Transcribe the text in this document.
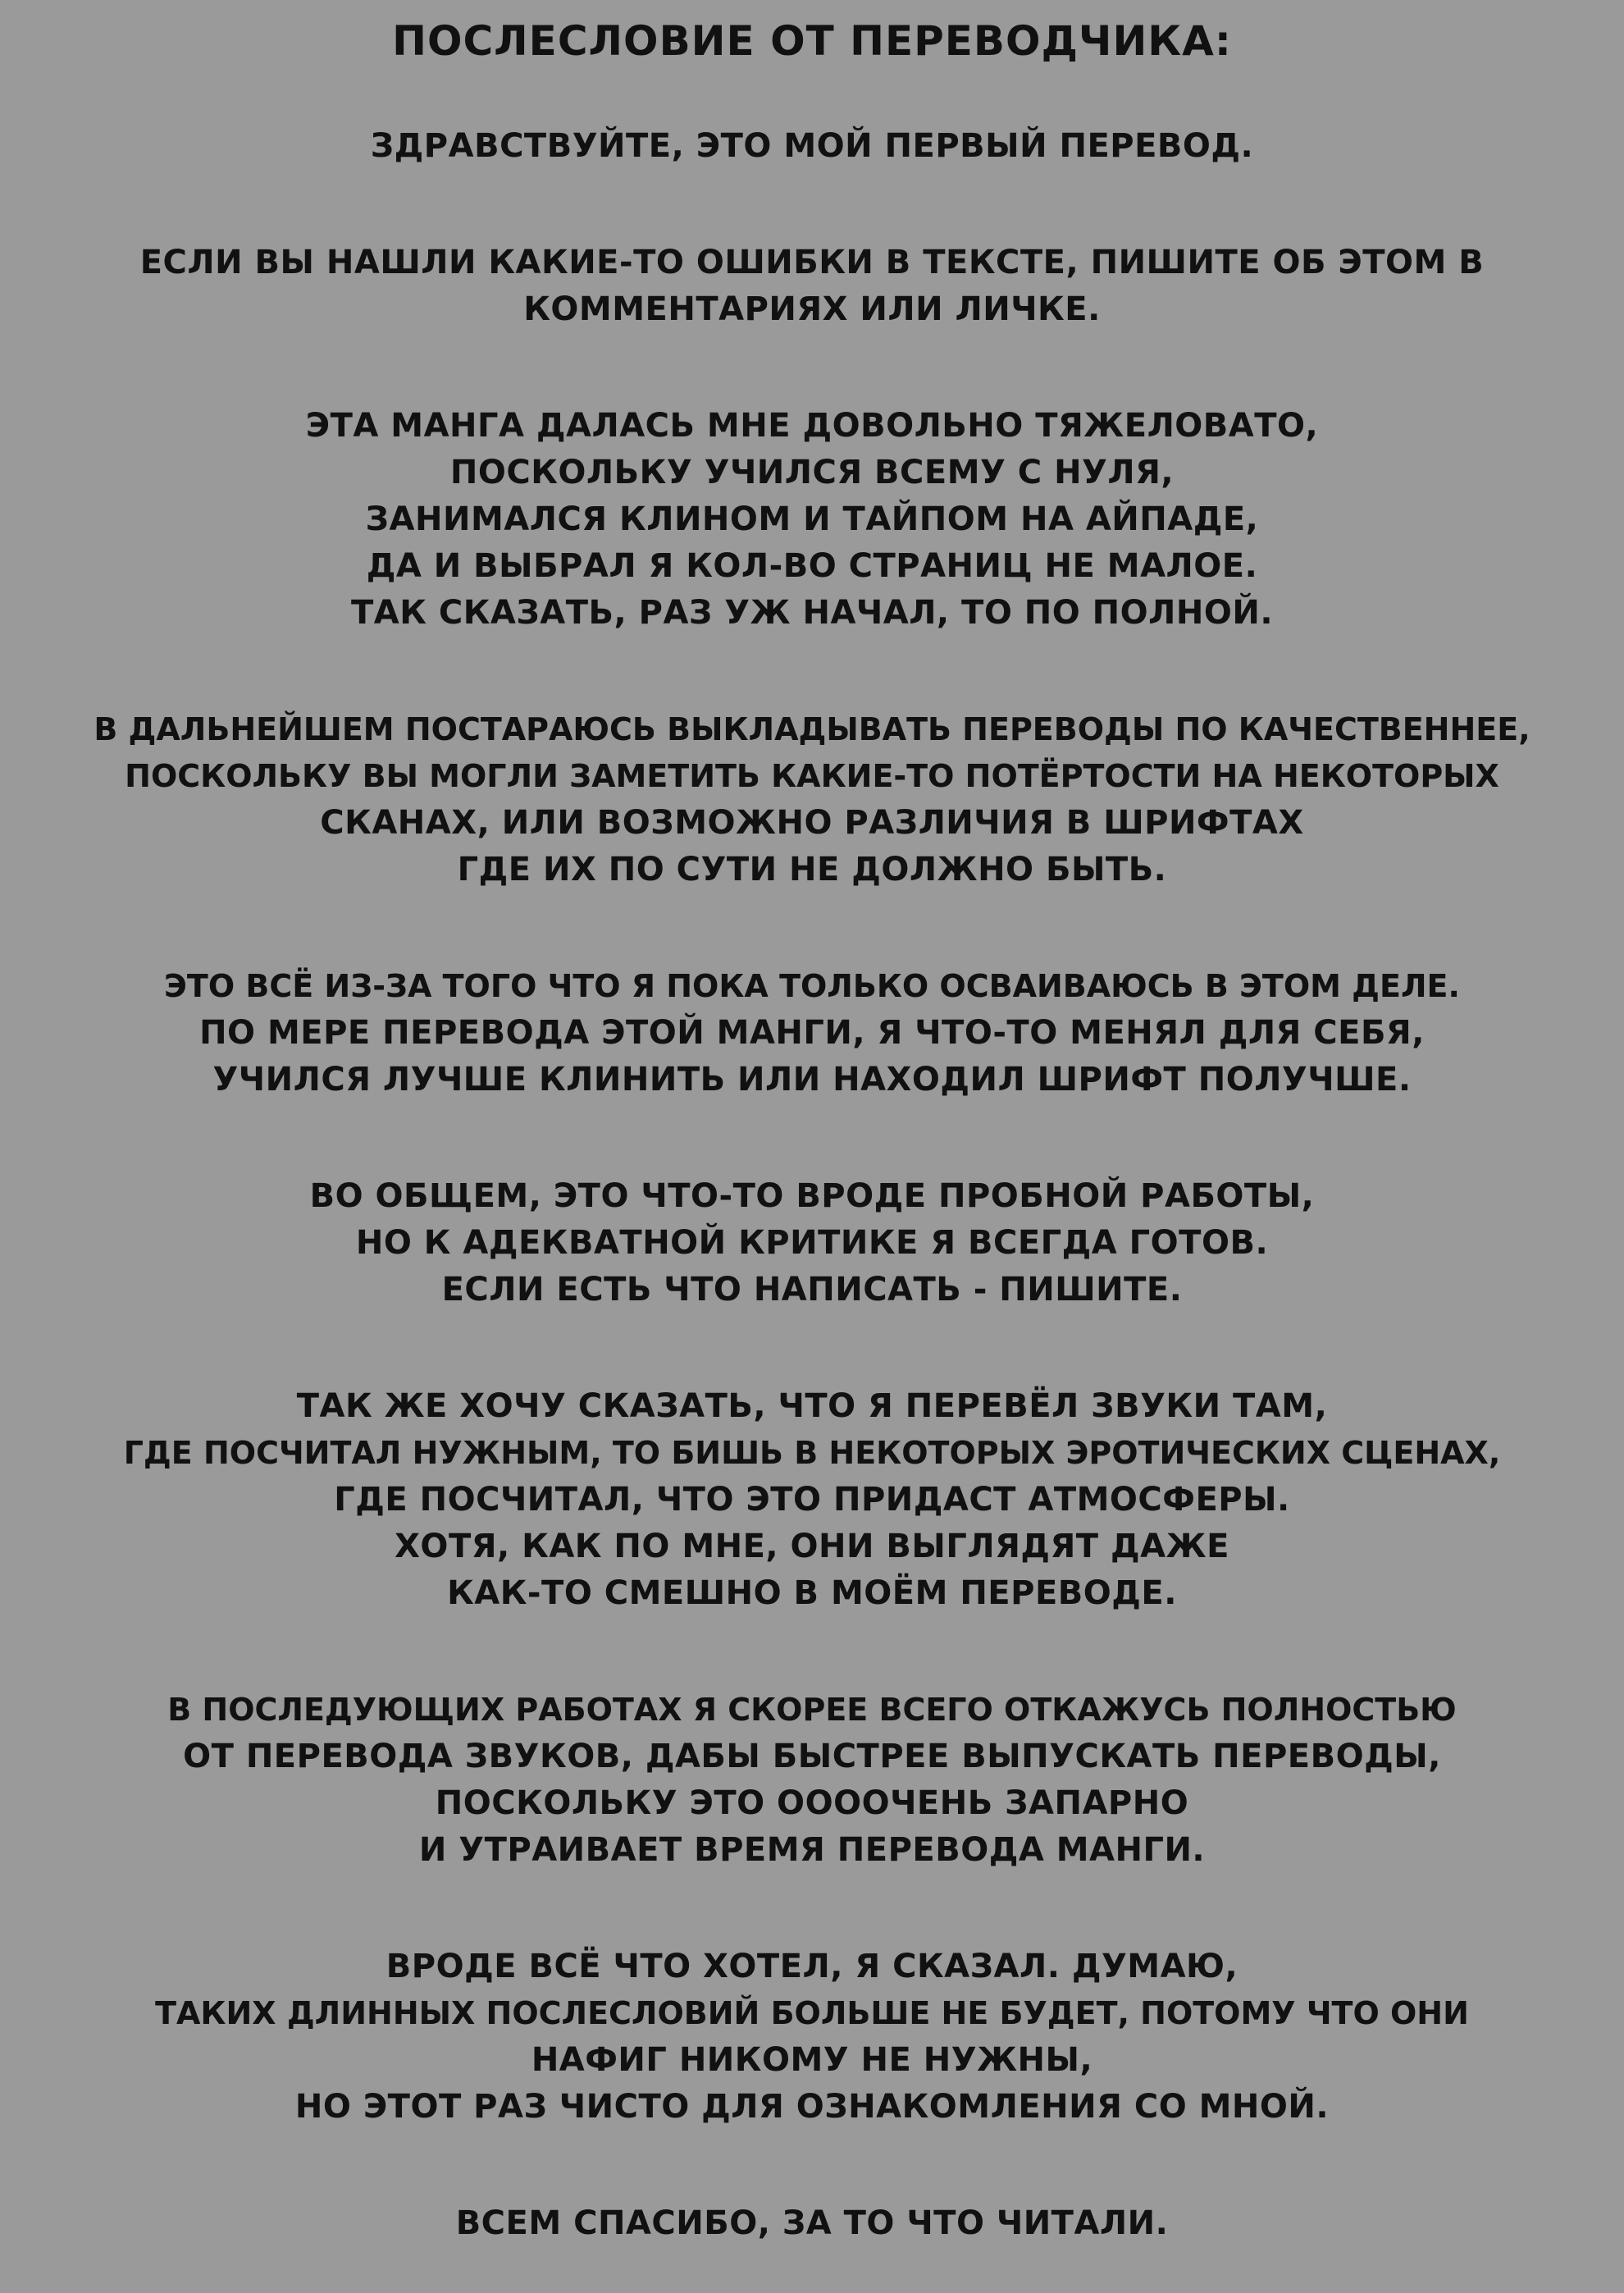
ПОСЛЕСЛОВИЕ ОТ ПЕРЕВОДЧИКА:
ЗДРАВСТВУЙТЕ, ЭТО МОЙ ПЕРВЫЙ ПЕРЕВОД.
ЕСЛИ ВЫ НАШЛИ КАКИЕ-ТО ОШИБКИ В ТЕКСТЕ, ПИШИТЕ ОБ ЭТОМ В
КОММЕНТАРИЯХ ИЛИ ЛИЧКЕ.
ЭТА МАНГА ДАЛАСЬ МНЕ ДОВОЛЬНО ТЯЖЕЛОВАТО,
ПОСКОЛЬКУ УЧИЛСЯ ВСЕМУ С НУЛЯ,
ЗАНИМАЛСЯ КЛИНОМ И ТАЙПОМ НА АЙПАДЕ,
ДА И ВЫБРАЛ Я КОЛ-ВО СТРАНИЦ НЕ МАЛОЕ.
ТАК СКАЗАТЬ, РАЗ УЖ НАЧАЛ, ТО ПО ПОЛНОЙ.
В ДАЛЬНЕЙШЕМ ПОСТАРАЮСЬ ВЫКЛАДЫВАТЬ ПЕРЕВОДЫ ПО КАЧЕСТВЕННЕЕ,
ПОСКОЛЬКУ ВЫ МОГЛИ ЗАМЕТИТЬ КАКИЕ-ТО ПОТЁРТОСТИ НА НЕКОТОРЫХ
СКАНАХ, ИЛИ ВОЗМОЖНО РАЗЛИЧИЯ В ШРИФТАХ
ГДЕ ИХ ПО СУТИ НЕ ДОЛЖНО БЫТЬ.
ЭТО ВСЁ ИЗ-ЗА ТОГО ЧТО Я ПОКА ТОЛЬКО ОСВАИВАЮСЬ В ЭТОМ ДЕЛЕ.
ПО МЕРЕ ПЕРЕВОДА ЭТОЙ МАНГИ, Я ЧТО-ТО МЕНЯЛ ДЛЯ СЕБЯ,
УЧИЛСЯ ЛУЧШЕ КЛИНИТЬ ИЛИ НАХОДИЛ ШРИФТ ПОЛУЧШЕ.
ВО ОБЩЕМ, ЭТО ЧТО-ТО ВРОДЕ ПРОБНОЙ РАБОТЫ,
НО К АДЕКВАТНОЙ КРИТИКЕ Я ВСЕГДА ГОТОВ.
ЕСЛИ ЕСТЬ ЧТО НАПИСАТЬ - ПИШИТЕ.
ТАК ЖЕ ХОЧУ СКАЗАТЬ, ЧТО Я ПЕРЕВЁЛ ЗВУКИ ТАМ,
ГДЕ ПОСЧИТАЛ НУЖНЫМ, ТО БИШЬ В НЕКОТОРЫХ ЭРОТИЧЕСКИХ СЦЕНАХ,
ГДЕ ПОСЧИТАЛ, ЧТО ЭТО ПРИДАСТ АТМОСФЕРЫ.
ХОТЯ, КАК ПО МНЕ, ОНИ ВЫГЛЯДЯТ ДАЖЕ
КАК-ТО СМЕШНО В МОЁМ ПЕРЕВОДЕ.
В ПОСЛЕДУЮЩИХ РАБОТАХ Я СКОРЕЕ ВСЕГО ОТКАЖУСЬ ПОЛНОСТЬЮ
ОТ ПЕРЕВОДА ЗВУКОВ, ДАБЫ БЫСТРЕЕ ВЫПУСКАТЬ ПЕРЕВОДЫ,
ПОСКОЛЬКУ ЭТО ООООЧЕНЬ ЗАПАРНО
И УТРАИВАЕТ ВРЕМЯ ПЕРЕВОДА МАНГИ.
ВРОДЕ ВСЁ ЧТО ХОТЕЛ, Я СКАЗАЛ. ДУМАЮ,
ТАКИХ ДЛИННЫХ ПОСЛЕСЛОВИЙ БОЛЬШЕ НЕ БУДЕТ, ПОТОМУ ЧТО ОНИ
НАФИГ НИКОМУ НЕ НУЖНЫ,
НО ЭТОТ РАЗ ЧИСТО ДЛЯ ОЗНАКОМЛЕНИЯ СО МНОЙ.
ВСЕМ СПАСИБО, ЗА ТО ЧТО ЧИТАЛИ.
